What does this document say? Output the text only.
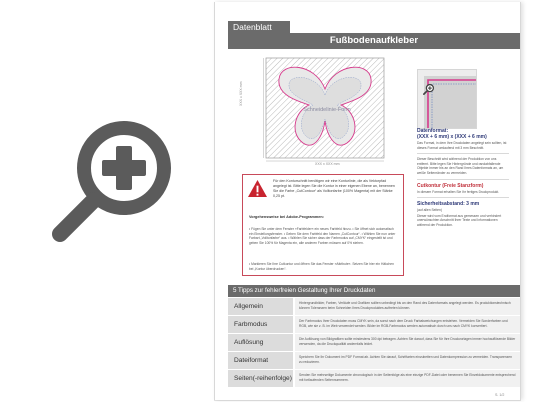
Datenblatt
Fußbodenaufkleber
Schneidelinie-Form
XXX x XXX mm
XXX x XXX mm
Für den Konturschnitt benötigen wir eine Konturlinie, die als Vektorpfad angelegt ist. Bitte legen Sie die Kontur in einer eigenen Ebene an, benennen Sie die Farbe „CutContour“ als Volltonfarbe (100% Magenta) mit der Stärke 0,25 pt.
Vorgehensweise bei Adobe-Programmen:
• Fügen Sie unter dem Fenster »Farbfelder« ein neues Farbfeld hinzu. • Sie öffnet sich automatisch ein Einstellungsfenster. • Geben Sie dem Farbfeld den Namen „CutContour“. • Wählen Sie nun unter Farbart „Volltonfarbe“ aus. • Wählen Sie sicher dass der Farbmodus auf „CMYK“ eingestellt ist und geben Sie 100% für Magenta ein, alle anderen Farben müssen auf 0% stehen.
• Markieren Sie Ihre Cutkontur und öffnen Sie das Fenster »Attribute«. Setzen Sie hier ein Häkchen bei „Kontur überdrucken“.
Datenformat:
(XXX + 6 mm) x (XXX + 6 mm)
Das Format, in dem Ihre Druckdaten angelegt sein sollten, ist dieses Format umlaufend mit 3 mm Beschnitt.
Dieser Beschnitt wird während der Produktion von uns entfernt. Bitte legen Sie Hintergründe und randabfallende Objekte immer bis an den Rand Ihres Datenformats an, um weiße Seitenränder zu vermeiden.
Cutkontur (Freie Stanzform)
In diesem Format erhalten Sie Ihr fertiges Druckprodukt.
Sicherheitsabstand: 3 mm
(auf allen Seiten)
Dieser wird vom Endformat aus gemessen und verhindert unerwünschten Anschnitt Ihrer Texte und Informationen während der Produktion.
5 Tipps zur fehlerfreien Gestaltung Ihrer Druckdaten
Allgemein	Hintergrundbilder, Farben, Verläufe und Grafiken sollten unbedingt bis an den Rand des Datenformats angelegt werden. Es produktionstechnisch können Toleranzen beim Schneiden Ihres Druckproduktes auftreten können.
Farbmodus	Der Farbmodus Ihrer Druckdaten muss CMYK sein, da sonst nach dem Druck Farbabweichungen entstehen. Vermeiden Sie Sonderfarben und RGB, wie sie z. B. im Web verwendet werden. Bilder im RGB-Farbmodus werden automatisch durch uns nach CMYK konvertiert.
Auflösung	Die Auflösung von Bildgrafiken sollte mindestens 300 dpi betragen. Achten Sie darauf, dass Sie für Ihre Druckvorlagen immer hochauflösende Bilder verwenden, da die Druckqualität andernfalls leidet.
Dateiformat	Speichern Sie Ihr Dokument im PDF Format ab. Achten Sie darauf, Schriftarten einzubetten und Datenkompression zu vermeiden. Transparenzen zu reduzieren.
Seiten(-reihenfolge)	Senden Sie mehrseitige Dokumente chronologisch in der Seitenfolge als eine einzige PDF-Datei oder benennen Sie Einzeldokumente entsprechend mit fortlaufenden Seitennummern.
S. 1/2
